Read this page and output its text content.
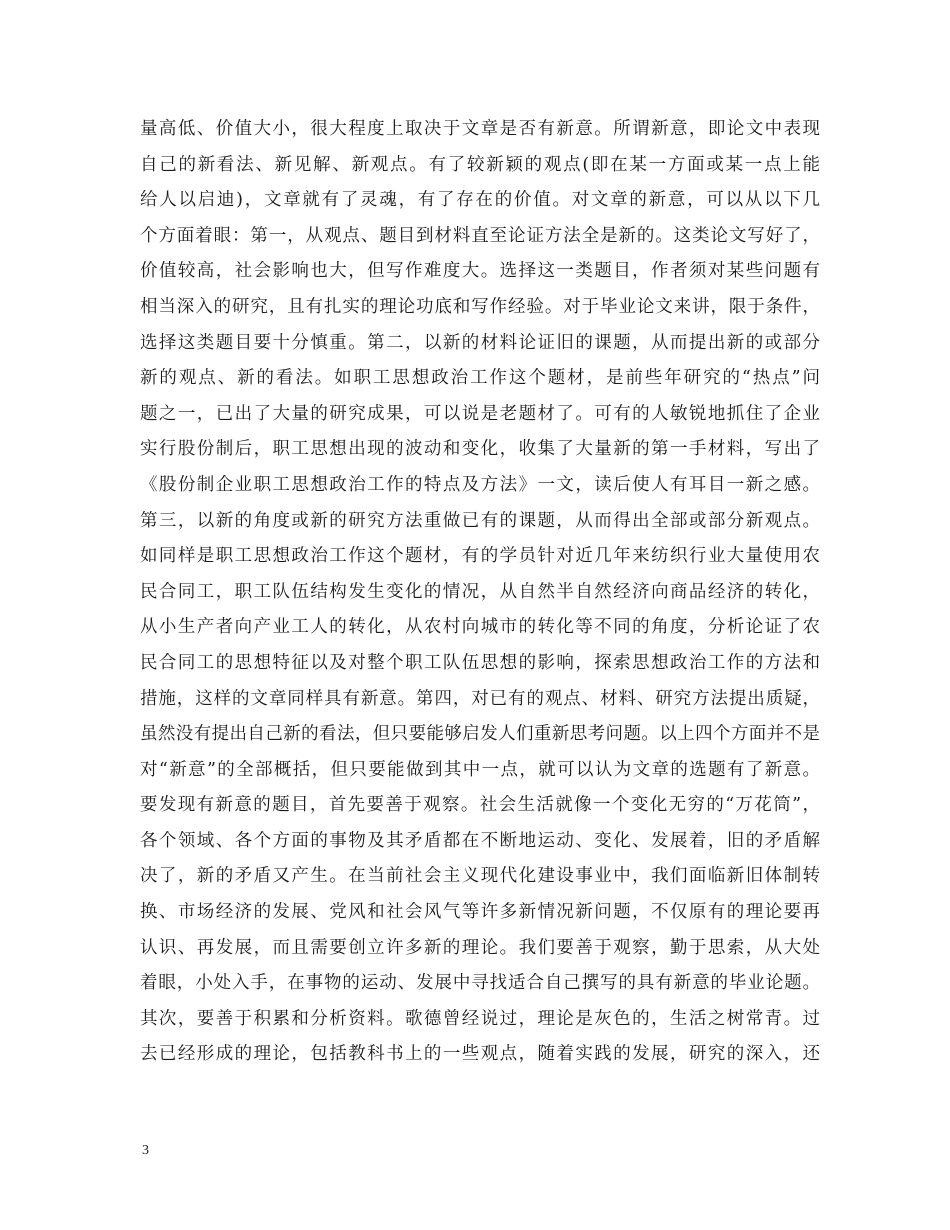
量高低、价值大小，很大程度上取决于文章是否有新意。所谓新意，即论文中表现
自己的新看法、新见解、新观点。有了较新颖的观点(即在某一方面或某一点上能
给人以启迪)，文章就有了灵魂，有了存在的价值。对文章的新意，可以从以下几
个方面着眼：第一，从观点、题目到材料直至论证方法全是新的。这类论文写好了，
价值较高，社会影响也大，但写作难度大。选择这一类题目，作者须对某些问题有
相当深入的研究，且有扎实的理论功底和写作经验。对于毕业论文来讲，限于条件，
选择这类题目要十分慎重。第二，以新的材料论证旧的课题，从而提出新的或部分
新的观点、新的看法。如职工思想政治工作这个题材，是前些年研究的“热点”问
题之一，已出了大量的研究成果，可以说是老题材了。可有的人敏锐地抓住了企业
实行股份制后，职工思想出现的波动和变化，收集了大量新的第一手材料，写出了
《股份制企业职工思想政治工作的特点及方法》一文，读后使人有耳目一新之感。
第三，以新的角度或新的研究方法重做已有的课题，从而得出全部或部分新观点。
如同样是职工思想政治工作这个题材，有的学员针对近几年来纺织行业大量使用农
民合同工，职工队伍结构发生变化的情况，从自然半自然经济向商品经济的转化，
从小生产者向产业工人的转化，从农村向城市的转化等不同的角度，分析论证了农
民合同工的思想特征以及对整个职工队伍思想的影响，探索思想政治工作的方法和
措施，这样的文章同样具有新意。第四，对已有的观点、材料、研究方法提出质疑，
虽然没有提出自己新的看法，但只要能够启发人们重新思考问题。以上四个方面并不是
对“新意”的全部概括，但只要能做到其中一点，就可以认为文章的选题有了新意。
要发现有新意的题目，首先要善于观察。社会生活就像一个变化无穷的“万花筒”，
各个领域、各个方面的事物及其矛盾都在不断地运动、变化、发展着，旧的矛盾解
决了，新的矛盾又产生。在当前社会主义现代化建设事业中，我们面临新旧体制转
换、市场经济的发展、党风和社会风气等许多新情况新问题，不仅原有的理论要再
认识、再发展，而且需要创立许多新的理论。我们要善于观察，勤于思索，从大处
着眼，小处入手，在事物的运动、发展中寻找适合自己撰写的具有新意的毕业论题。
其次，要善于积累和分析资料。歌德曾经说过，理论是灰色的，生活之树常青。过
去已经形成的理论，包括教科书上的一些观点，随着实践的发展，研究的深入，还
3
